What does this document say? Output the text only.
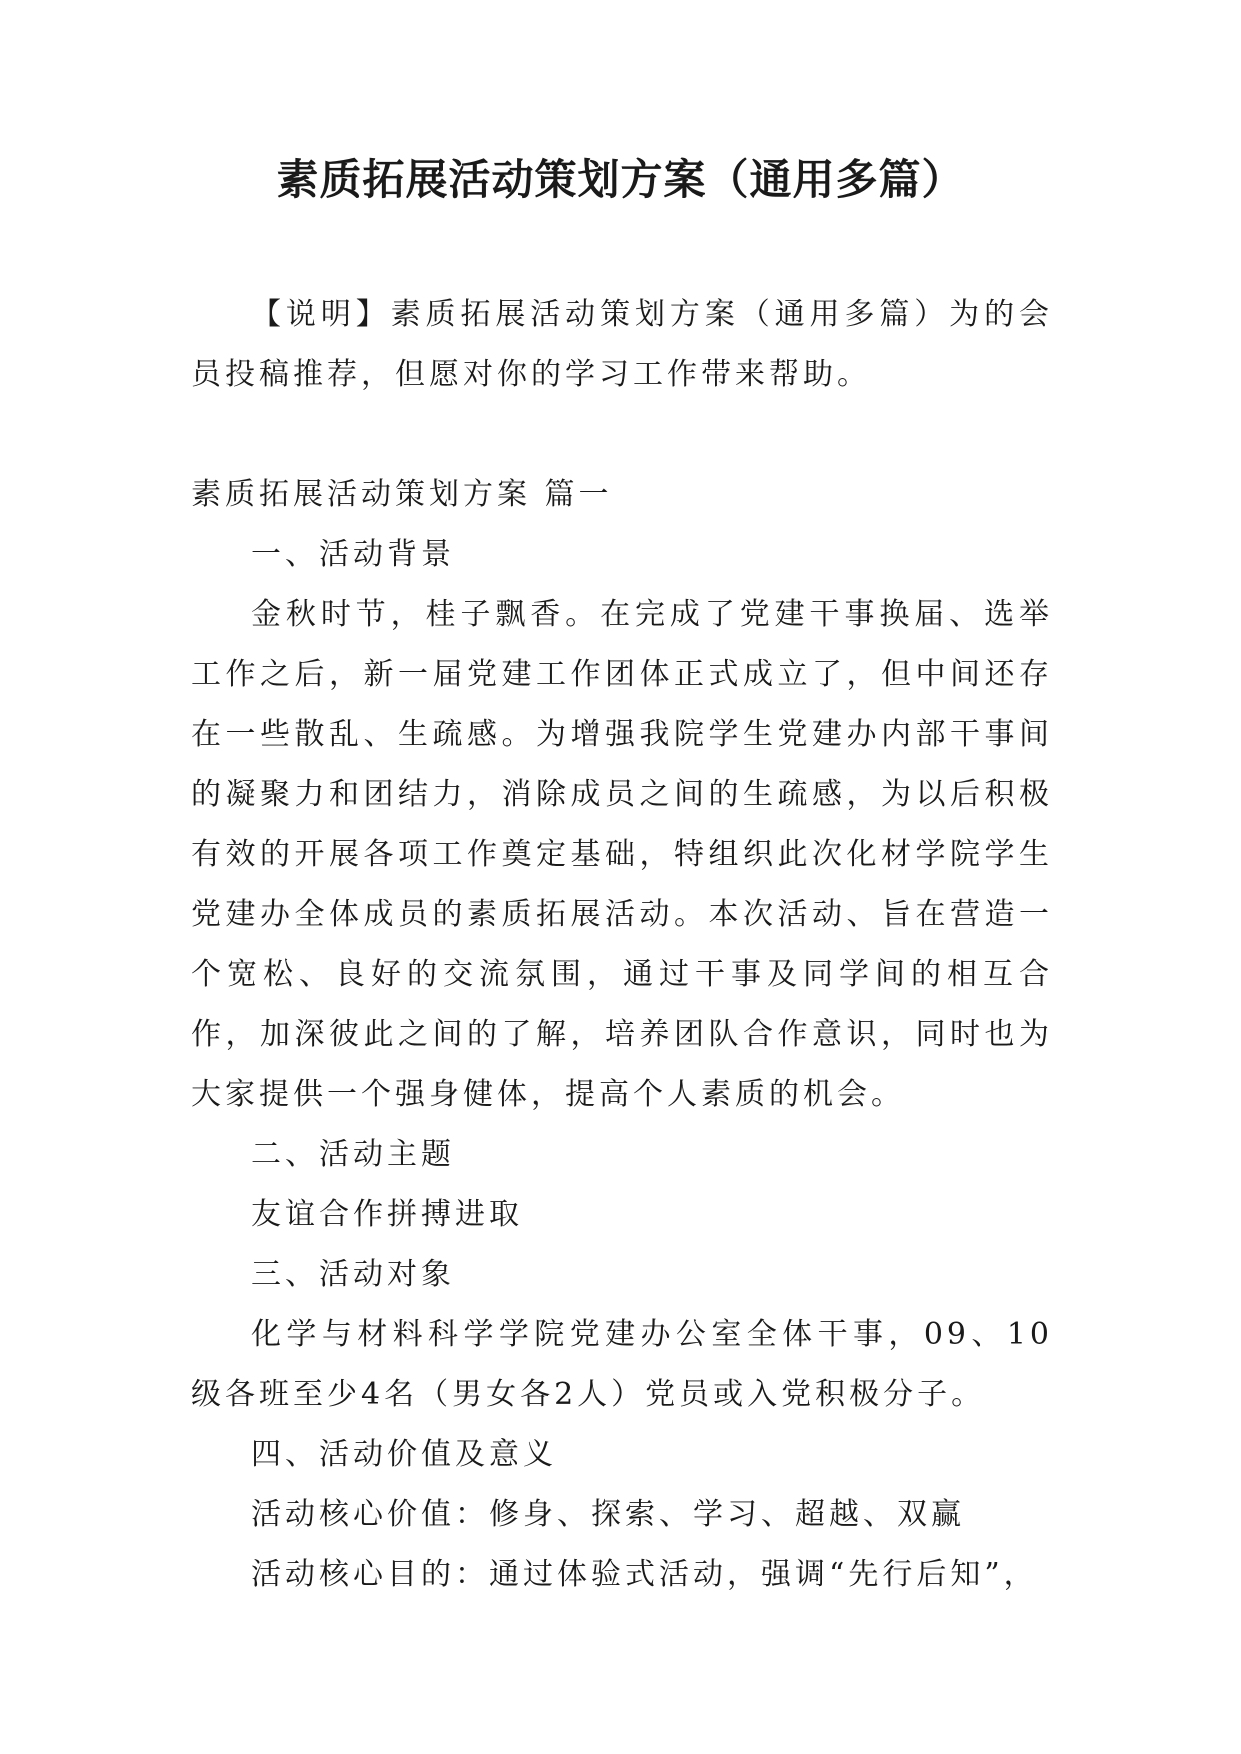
素质拓展活动策划方案（通用多篇）

【说明】素质拓展活动策划方案（通用多篇）为的会员投稿推荐，但愿对你的学习工作带来帮助。

素质拓展活动策划方案 篇一

一、活动背景

金秋时节，桂子飘香。在完成了党建干事换届、选举工作之后，新一届党建工作团体正式成立了，但中间还存在一些散乱、生疏感。为增强我院学生党建办内部干事间的凝聚力和团结力，消除成员之间的生疏感，为以后积极有效的开展各项工作奠定基础，特组织此次化材学院学生党建办全体成员的素质拓展活动。本次活动、旨在营造一个宽松、良好的交流氛围，通过干事及同学间的相互合作，加深彼此之间的了解，培养团队合作意识，同时也为大家提供一个强身健体，提高个人素质的机会。

二、活动主题

友谊合作拼搏进取

三、活动对象

化学与材料科学学院党建办公室全体干事，09、10级各班至少4名（男女各2人）党员或入党积极分子。

四、活动价值及意义

活动核心价值：修身、探索、学习、超越、双赢

活动核心目的：通过体验式活动，强调“先行后知”，
